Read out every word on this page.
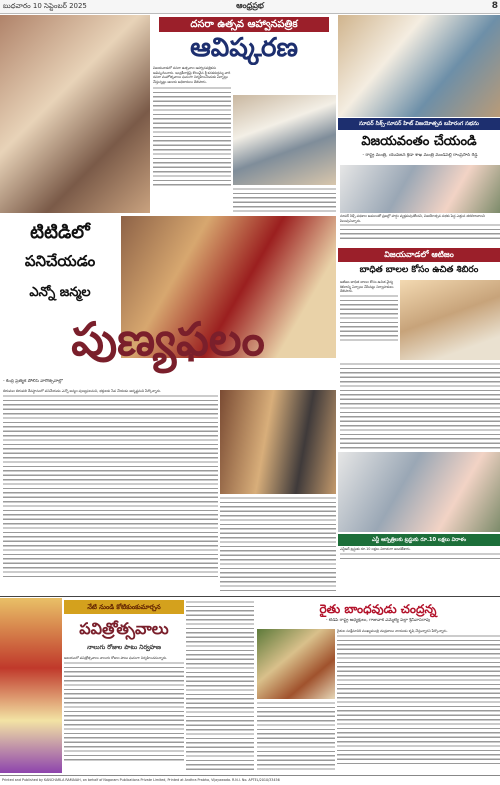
బుధవారం 10 సెప్టెంబర్ 2025	ఆంధ్రప్రభ	8
దసరా ఉత్సవ ఆహ్వానపత్రిక
ఆవిష్కరణ
విజయవాడలో దసరా ఉత్సవాల ఆహ్వానపత్రికను ఆవిష్కరించారు. ఇంద్రకీలాద్రిపై కొలువైన శ్రీ కనకదుర్గమ్మ వారి దసరా మహోత్సవాలు ఘనంగా నిర్వహించేందుకు ఏర్పాట్లు చేస్తున్నట్లు ఆలయ అధికారులు తెలిపారు.
సూపర్ సిక్స్-సూపర్ హిట్ విజయోత్సవ బహిరంగ సభను
విజయవంతం చేయండి
- రాష్ట్ర మంత్రి, యువజన క్రీడా శాఖ మంత్రి మండిపల్లి రాంప్రసాద్ రెడ్డి
సూపర్ సిక్స్ పథకాల అమలుతో ప్రజల్లో హర్షం వ్యక్తమవుతోందని, విజయోత్సవ సభకు పెద్ద ఎత్తున తరలిరావాలని పిలుపునిచ్చారు.
టిటిడిలో
పనిచేయడం
ఎన్నో జన్మల
పుణ్యఫలం
- కేంద్ర ప్రత్యేక పోలీస్ వారోత్సవాల్లో
తిరుమల తిరుపతి దేవస్థానంలో పనిచేయడం ఎన్నో జన్మల పుణ్యఫలమని, భక్తులకు సేవ చేయడం అదృష్టమని పేర్కొన్నారు.
విజయవాడలో ఆటిజం
బాధిత బాలల కోసం ఉచిత శిబిరం
ఆటిజం బాధిత బాలల కోసం ఉచిత వైద్య శిబిరాన్ని ఏర్పాటు చేసినట్లు నిర్వాహకులు తెలిపారు.
ఎన్టీ ఆస్పత్రిలకు ట్రస్టుకు రూ.10 లక్షలు విరాళం
ఎన్టీఆర్ ట్రస్టుకు రూ.10 లక్షలు విరాళంగా అందజేశారు.
నేటి నుండి కోటికుంకుమార్చన
పవిత్రోత్సవాలు
నాలుగు రోజుల పాటు నిర్వహణ
ఆలయంలో పవిత్రోత్సవాలు నాలుగు రోజుల పాటు ఘనంగా నిర్వహించనున్నారు.
రైతు బాంధవుడు చంద్రన్న
- టీడీపీ రాష్ట్ర అధ్యక్షులు, గాజువాక ఎమ్మెల్యే పల్లా శ్రీనివాసరావు
రైతుల సంక్షేమానికి ముఖ్యమంత్రి చంద్రబాబు నాయుడు కృషి చేస్తున్నారని పేర్కొన్నారు.
Printed and Published by KANCHARLA RAMAIAH, on behalf of Nagaram Publications Private Limited, Printed at Andhra Prabha, Vijayawada. R.N.I. No. APTEL/2010/33456
